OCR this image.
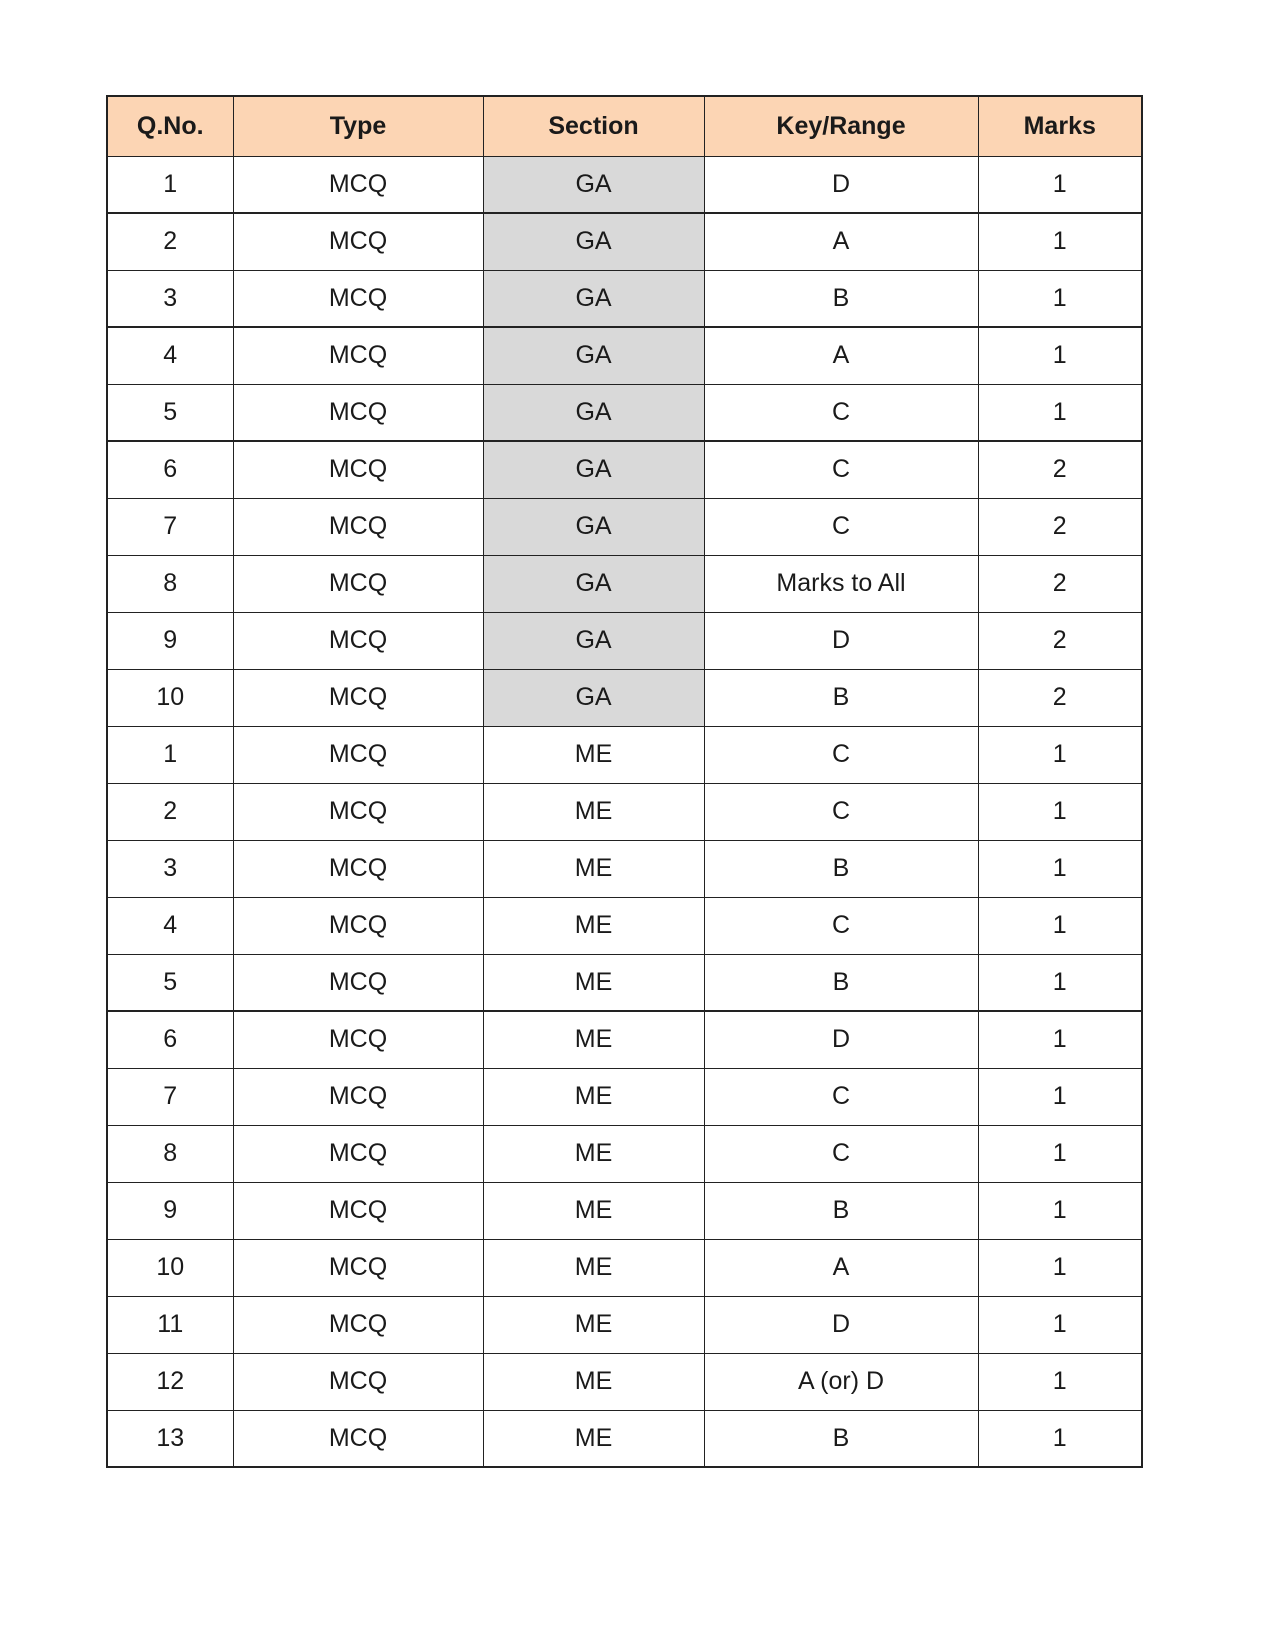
Q.No.	Type	Section	Key/Range	Marks
1	MCQ	GA	D	1
2	MCQ	GA	A	1
3	MCQ	GA	B	1
4	MCQ	GA	A	1
5	MCQ	GA	C	1
6	MCQ	GA	C	2
7	MCQ	GA	C	2
8	MCQ	GA	Marks to All	2
9	MCQ	GA	D	2
10	MCQ	GA	B	2
1	MCQ	ME	C	1
2	MCQ	ME	C	1
3	MCQ	ME	B	1
4	MCQ	ME	C	1
5	MCQ	ME	B	1
6	MCQ	ME	D	1
7	MCQ	ME	C	1
8	MCQ	ME	C	1
9	MCQ	ME	B	1
10	MCQ	ME	A	1
11	MCQ	ME	D	1
12	MCQ	ME	A (or) D	1
13	MCQ	ME	B	1
